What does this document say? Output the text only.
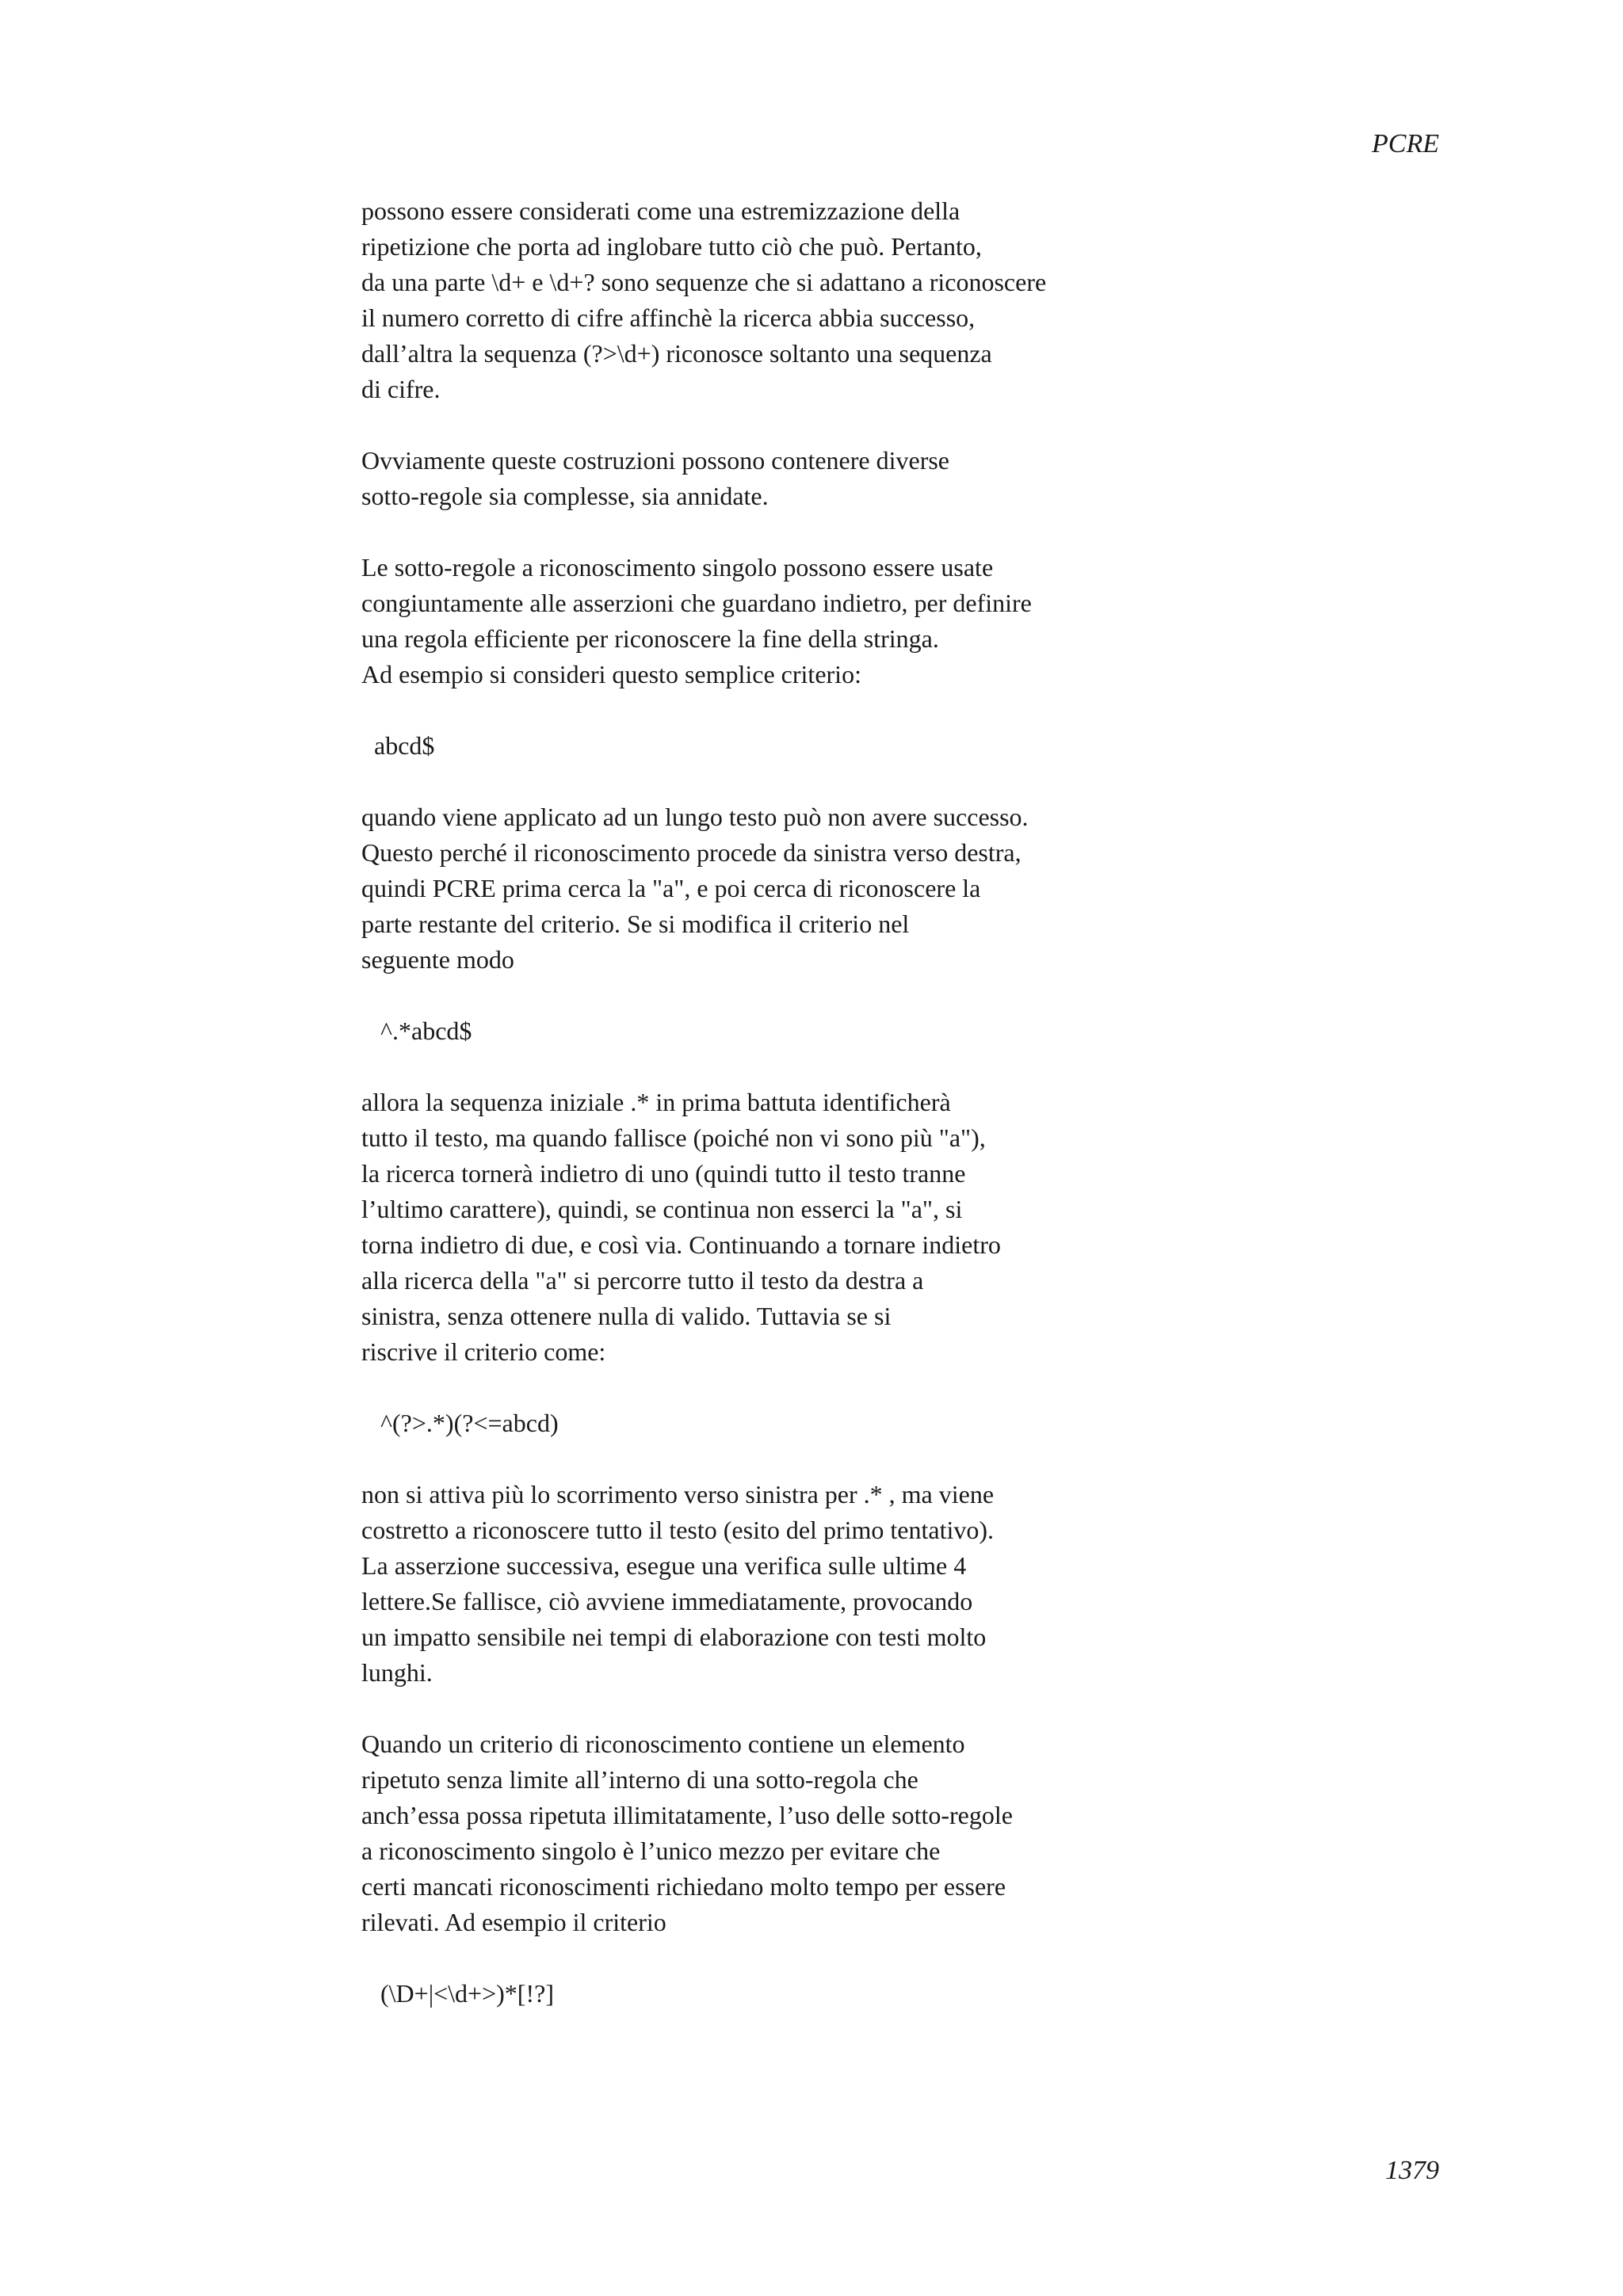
PCRE

possono essere considerati come una estremizzazione della
ripetizione che porta ad inglobare tutto ciò che può. Pertanto,
da una parte \d+ e \d+? sono sequenze che si adattano a riconoscere
il numero corretto di cifre affinchè la ricerca abbia successo,
dall’altra la sequenza (?>\d+) riconosce soltanto una sequenza
di cifre.
Ovviamente queste costruzioni possono contenere diverse
sotto-regole sia complesse, sia annidate.
Le sotto-regole a riconoscimento singolo possono essere usate
congiuntamente alle asserzioni che guardano indietro, per definire
una regola efficiente per riconoscere la fine della stringa.
Ad esempio si consideri questo semplice criterio:
abcd$
quando viene applicato ad un lungo testo può non avere successo.
Questo perché il riconoscimento procede da sinistra verso destra,
quindi PCRE prima cerca la "a", e poi cerca di riconoscere la
parte restante del criterio. Se si modifica il criterio nel
seguente modo
^.*abcd$
allora la sequenza iniziale .* in prima battuta identificherà
tutto il testo, ma quando fallisce (poiché non vi sono più "a"),
la ricerca tornerà indietro di uno (quindi tutto il testo tranne
l’ultimo carattere), quindi, se continua non esserci la "a", si
torna indietro di due, e così via. Continuando a tornare indietro
alla ricerca della "a" si percorre tutto il testo da destra a
sinistra, senza ottenere nulla di valido. Tuttavia se si
riscrive il criterio come:
^(?>.*)(?<=abcd)
non si attiva più lo scorrimento verso sinistra per .* , ma viene
costretto a riconoscere tutto il testo (esito del primo tentativo).
La asserzione successiva, esegue una verifica sulle ultime 4
lettere.Se fallisce, ciò avviene immediatamente, provocando
un impatto sensibile nei tempi di elaborazione con testi molto
lunghi.
Quando un criterio di riconoscimento contiene un elemento
ripetuto senza limite all’interno di una sotto-regola che
anch’essa possa ripetuta illimitatamente, l’uso delle sotto-regole
a riconoscimento singolo è l’unico mezzo per evitare che
certi mancati riconoscimenti richiedano molto tempo per essere
rilevati. Ad esempio il criterio
(\D+|<\d+>)*[!?]

1379
